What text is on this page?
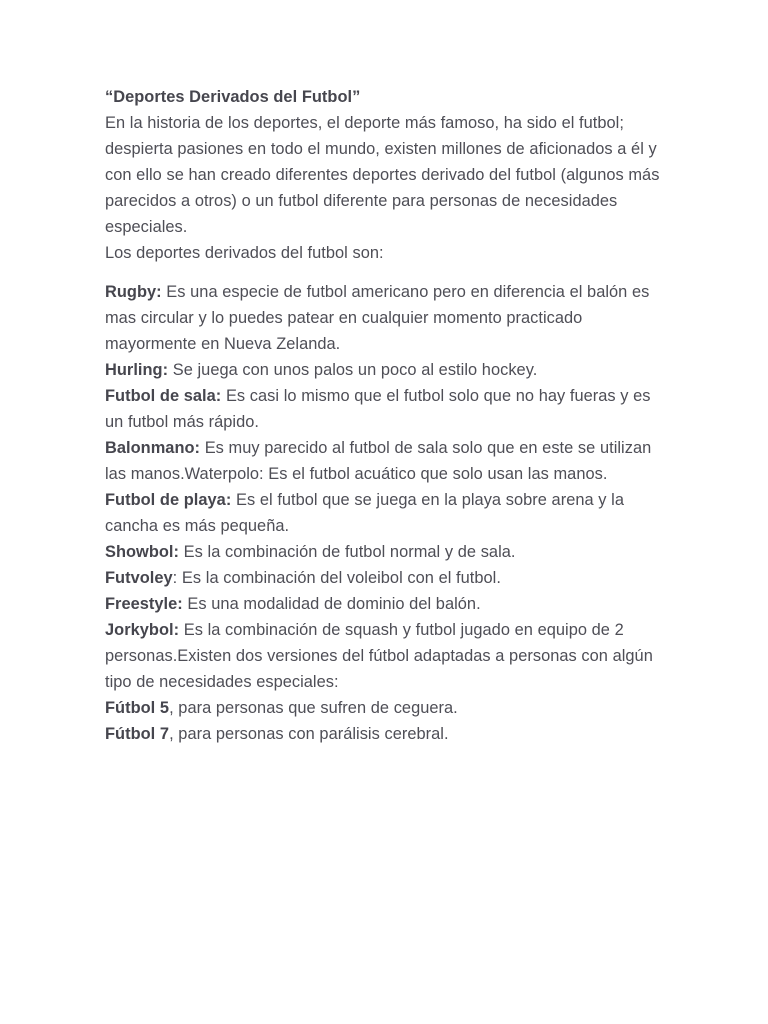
“Deportes Derivados del Futbol”

En la historia de los deportes, el deporte más famoso, ha sido el futbol; despierta pasiones en todo el mundo, existen millones de aficionados a él y con ello se han creado diferentes deportes derivado del futbol (algunos más parecidos a otros) o un futbol diferente para personas de necesidades especiales.

Los deportes derivados del futbol son:

Rugby: Es una especie de futbol americano pero en diferencia el balón es mas circular y lo puedes patear en cualquier momento practicado mayormente en Nueva Zelanda.

Hurling: Se juega con unos palos un poco al estilo hockey.

Futbol de sala: Es casi lo mismo que el futbol solo que no hay fueras y es un futbol más rápido.

Balonmano: Es muy parecido al futbol de sala solo que en este se utilizan las manos.Waterpolo: Es el futbol acuático que solo usan las manos.

Futbol de playa: Es el futbol que se juega en la playa sobre arena y la cancha es más pequeña.

Showbol: Es la combinación de futbol normal y de sala.

Futvoley: Es la combinación del voleibol con el futbol.

Freestyle: Es una modalidad de dominio del balón.

Jorkybol: Es la combinación de squash y futbol jugado en equipo de 2 personas.Existen dos versiones del fútbol adaptadas a personas con algún tipo de necesidades especiales:

Fútbol 5, para personas que sufren de ceguera.

Fútbol 7, para personas con parálisis cerebral.
